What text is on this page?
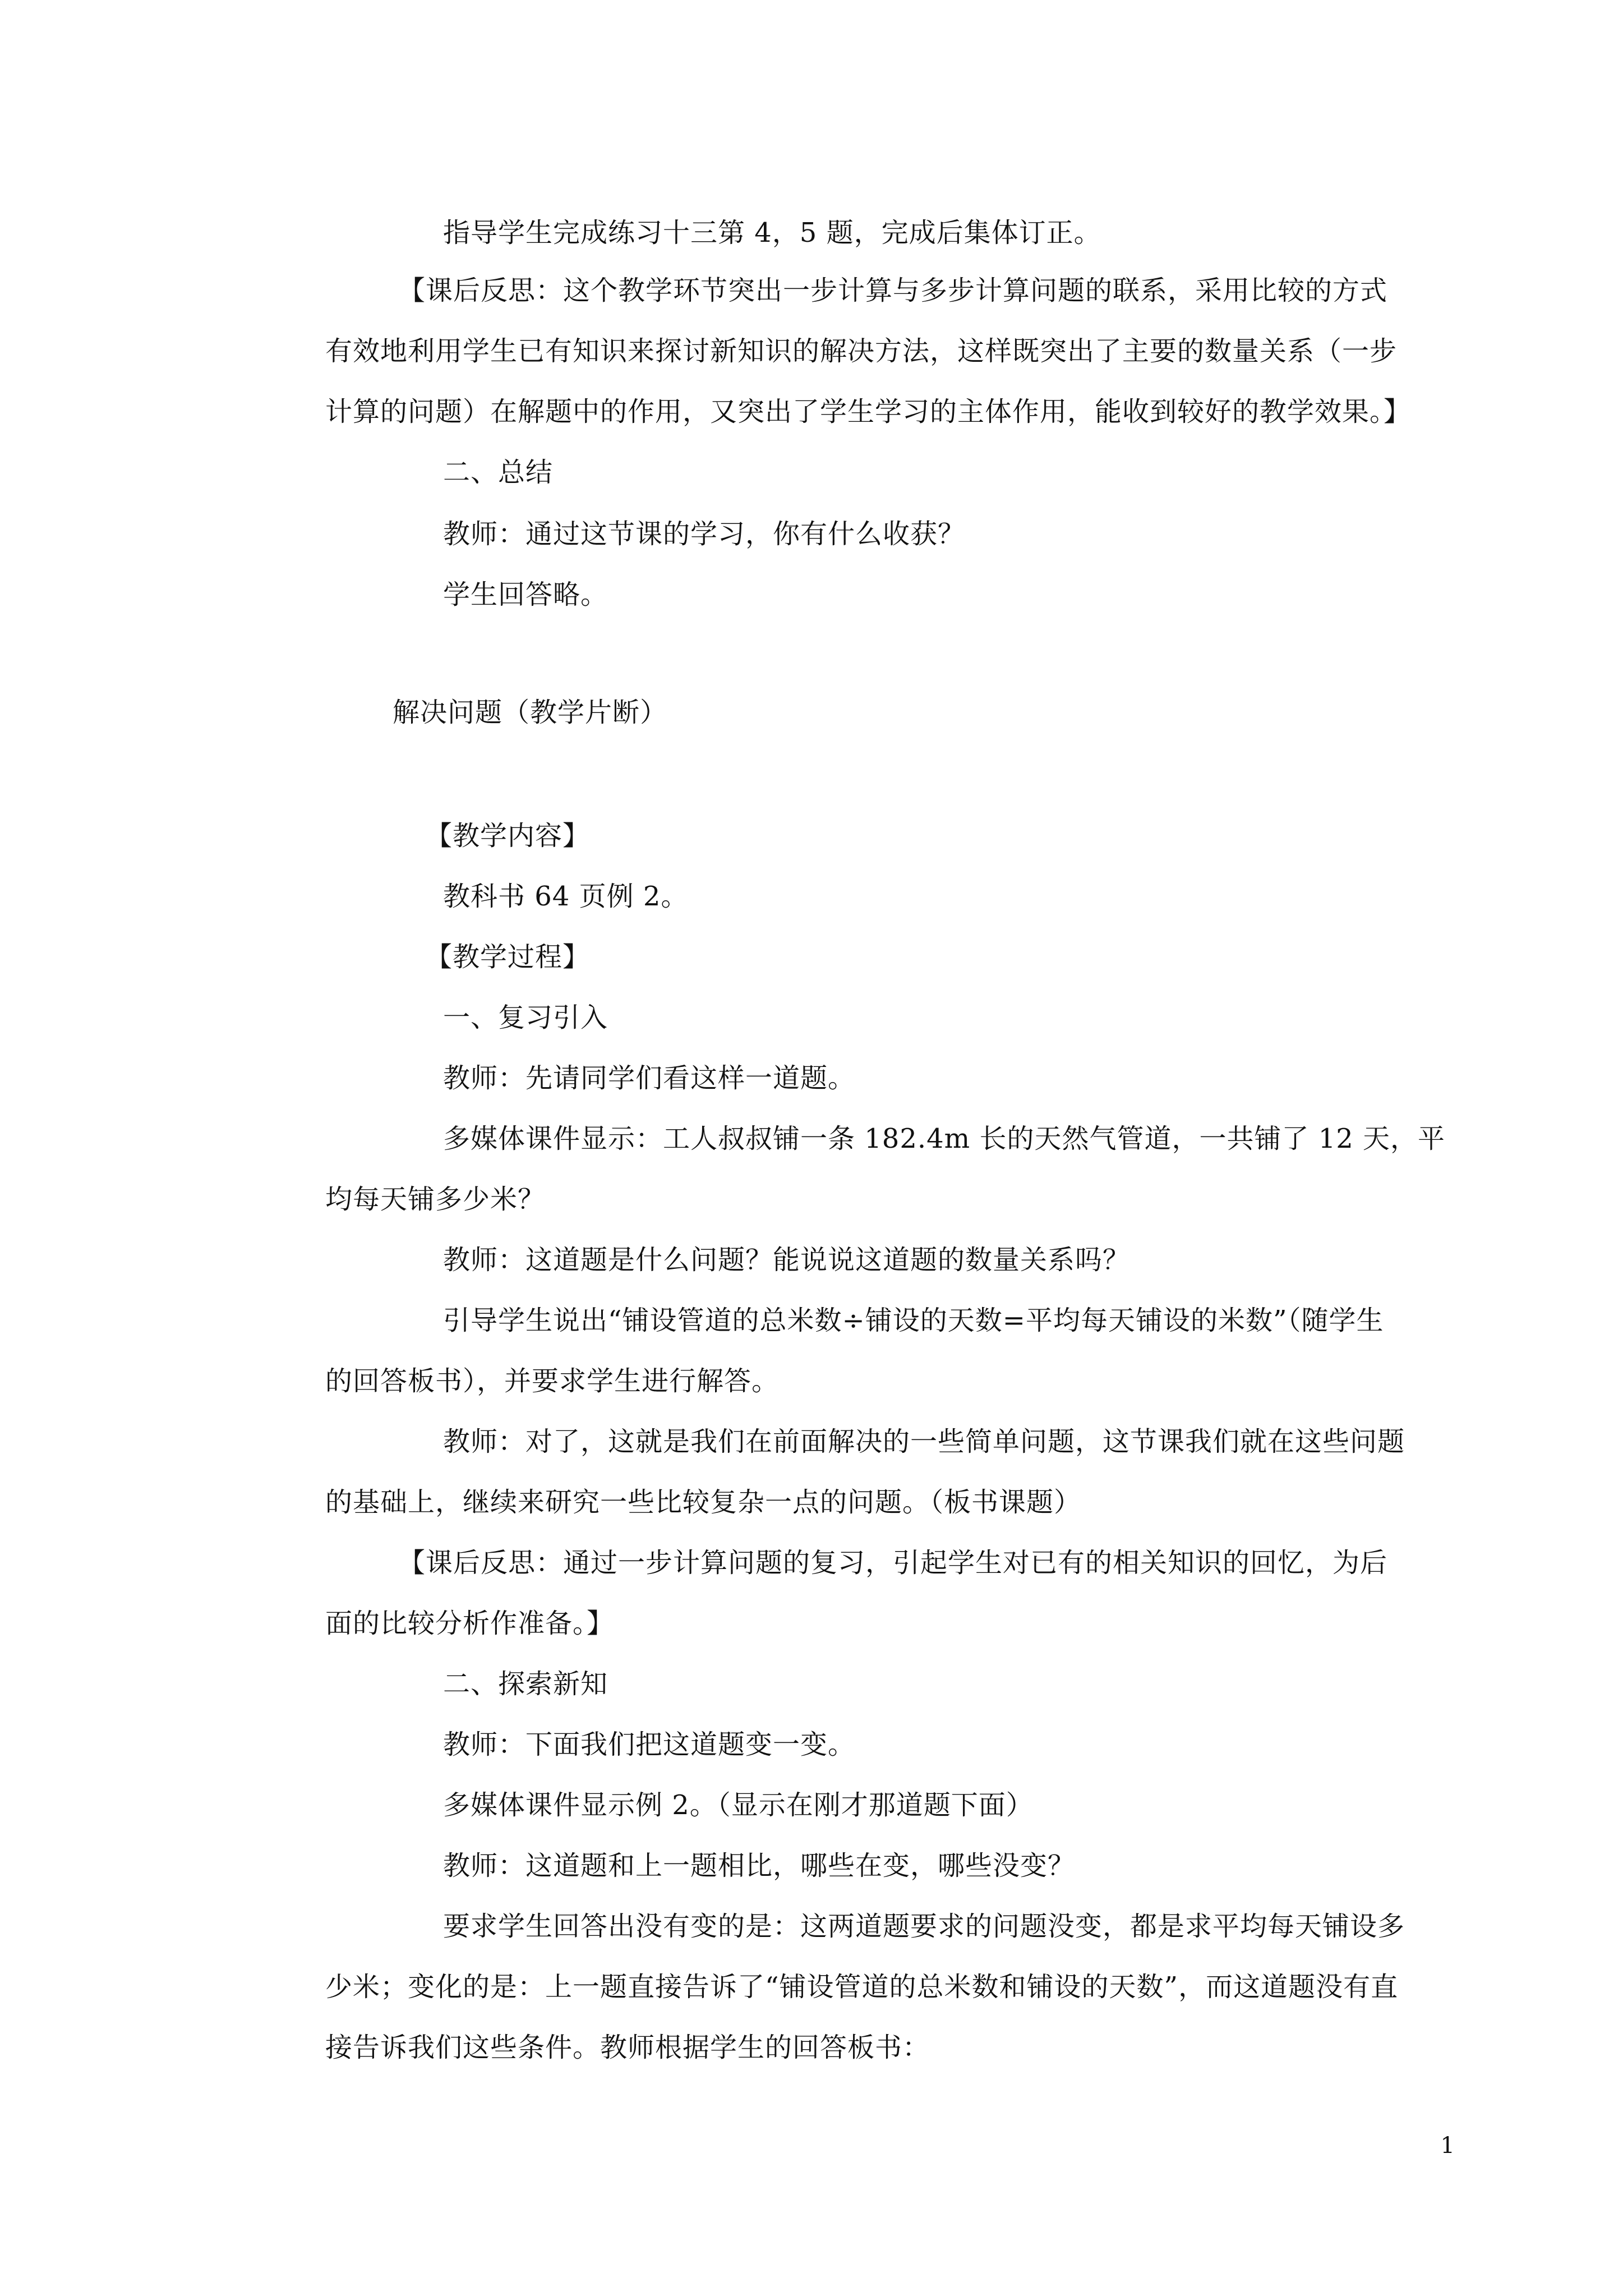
指导学生完成练习十三第 4，5 题，完成后集体订正。
【课后反思：这个教学环节突出一步计算与多步计算问题的联系，采用比较的方式
有效地利用学生已有知识来探讨新知识的解决方法，这样既突出了主要的数量关系（一步
计算的问题）在解题中的作用，又突出了学生学习的主体作用，能收到较好的教学效果。】
二、总结
教师：通过这节课的学习，你有什么收获？
学生回答略。
解决问题（教学片断）
【教学内容】
教科书 64 页例 2。
【教学过程】
一、复习引入
教师：先请同学们看这样一道题。
多媒体课件显示：工人叔叔铺一条 182.4m 长的天然气管道，一共铺了 12 天，平
均每天铺多少米？
教师：这道题是什么问题？能说说这道题的数量关系吗？
引导学生说出“铺设管道的总米数÷铺设的天数=平均每天铺设的米数”（随学生
的回答板书），并要求学生进行解答。
教师：对了，这就是我们在前面解决的一些简单问题，这节课我们就在这些问题
的基础上，继续来研究一些比较复杂一点的问题。（板书课题）
【课后反思：通过一步计算问题的复习，引起学生对已有的相关知识的回忆，为后
面的比较分析作准备。】
二、探索新知
教师：下面我们把这道题变一变。
多媒体课件显示例 2。（显示在刚才那道题下面）
教师：这道题和上一题相比，哪些在变，哪些没变？
要求学生回答出没有变的是：这两道题要求的问题没变，都是求平均每天铺设多
少米；变化的是：上一题直接告诉了“铺设管道的总米数和铺设的天数”，而这道题没有直
接告诉我们这些条件。教师根据学生的回答板书：
1
